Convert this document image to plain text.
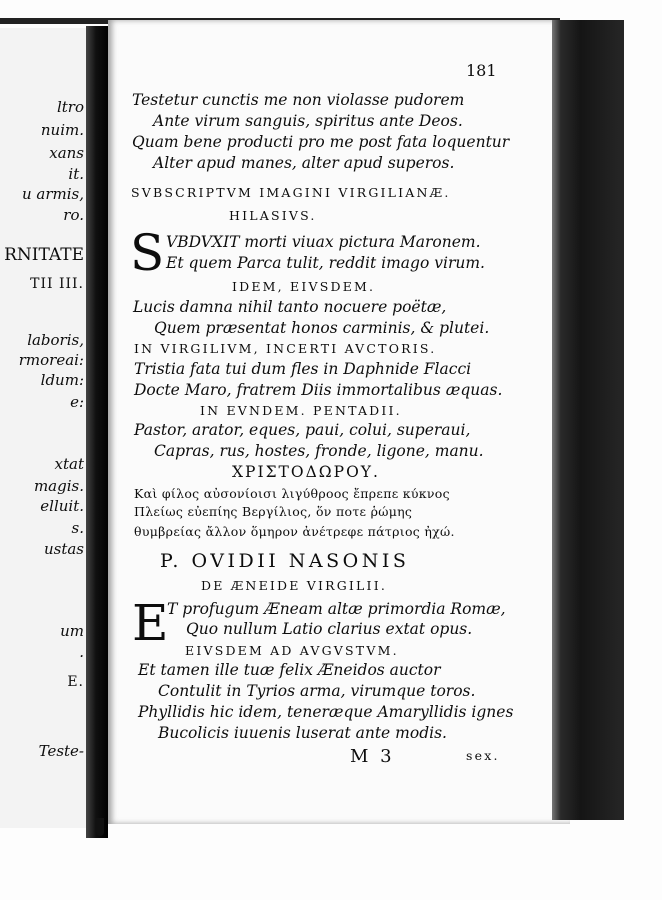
ltro
nuim.
xans
it.
u armis,
ro.
RNITATE
TII III.
laboris,
rmoreai:
ldum:
e:
xtat
magis.
elluit.
s.
ustas
um
.
E.
Teste-
181
Testetur cunctis me non violasse pudorem
Ante virum sanguis, spiritus ante Deos.
Quam bene producti pro me post fata loquentur
Alter apud manes, alter apud superos.
SVBSCRIPTVM IMAGINI VIRGILIANÆ.
HILASIVS.
S VBDVXIT morti viuax pictura Maronem.
Et quem Parca tulit, reddit imago virum.
IDEM, EIVSDEM.
Lucis damna nihil tanto nocuere poëtæ,
Quem præsentat honos carminis, & plutei.
IN VIRGILIVM, INCERTI AVCTORIS.
Tristia fata tui dum fles in Daphnide Flacci
Docte Maro, fratrem Diis immortalibus æquas.
IN EVNDEM. PENTADII.
Pastor, arator, eques, paui, colui, superaui,
Capras, rus, hostes, fronde, ligone, manu.
ΧΡΙΣΤΟΔΩΡΟΥ.
Καὶ φίλος αὐσονίοισι λιγύθροος ἔπρεπε κύκνος
Πλείως εὐεπίης Βεργίλιος, ὅν ποτε ῥώμης
θυμβρείας ἄλλον ὅμηρον ἀνέτρεφε πάτριος ἠχώ.
P. OVIDII NASONIS
DE ÆNEIDE VIRGILII.
E
T profugum Æneam altæ primordia Romæ,
Quo nullum Latio clarius extat opus.
EIVSDEM AD AVGVSTVM.
Et tamen ille tuæ felix Æneidos auctor
Contulit in Tyrios arma, virumque toros.
Phyllidis hic idem, teneræque Amaryllidis ignes
Bucolicis iuuenis luserat ante modis.
M 3	sex.
